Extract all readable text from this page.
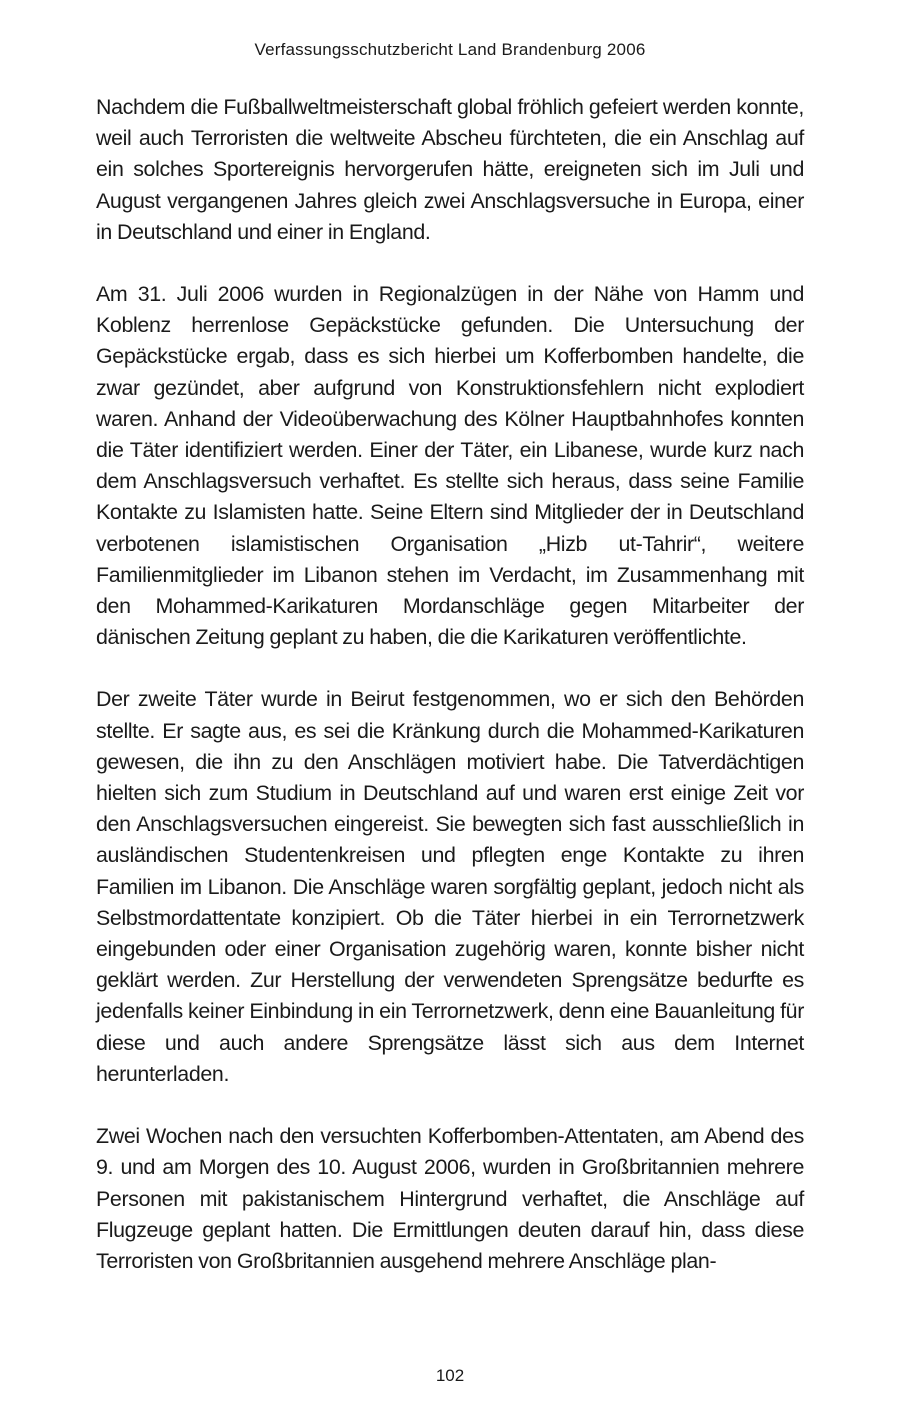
Verfassungsschutzbericht Land Brandenburg 2006

Nachdem die Fußballweltmeisterschaft global fröhlich gefeiert werden konnte, weil auch Terroristen die weltweite Abscheu fürchteten, die ein Anschlag auf ein solches Sportereignis hervorgerufen hätte, ereigneten sich im Juli und August vergangenen Jahres gleich zwei Anschlagsversuche in Europa, einer in Deutschland und einer in England.

Am 31. Juli 2006 wurden in Regionalzügen in der Nähe von Hamm und Koblenz herrenlose Gepäckstücke gefunden. Die Untersuchung der Gepäckstücke ergab, dass es sich hierbei um Kofferbomben handelte, die zwar gezündet, aber aufgrund von Konstruktionsfehlern nicht explodiert waren. Anhand der Videoüberwachung des Kölner Hauptbahnhofes konnten die Täter identifiziert werden. Einer der Täter, ein Libanese, wurde kurz nach dem Anschlagsversuch verhaftet. Es stellte sich heraus, dass seine Familie Kontakte zu Islamisten hatte. Seine Eltern sind Mitglieder der in Deutschland verbotenen islamistischen Organisation „Hizb ut-Tahrir“, weitere Familienmitglieder im Libanon stehen im Verdacht, im Zusammenhang mit den Mohammed-Karikaturen Mordanschläge gegen Mitarbeiter der dänischen Zeitung geplant zu haben, die die Karikaturen veröffentlichte.

Der zweite Täter wurde in Beirut festgenommen, wo er sich den Behörden stellte. Er sagte aus, es sei die Kränkung durch die Mohammed-Karikaturen gewesen, die ihn zu den Anschlägen motiviert habe. Die Tatverdächtigen hielten sich zum Studium in Deutschland auf und waren erst einige Zeit vor den Anschlagsversuchen eingereist. Sie bewegten sich fast ausschließlich in ausländischen Studentenkreisen und pflegten enge Kontakte zu ihren Familien im Libanon. Die Anschläge waren sorgfältig geplant, jedoch nicht als Selbstmordattentate konzipiert. Ob die Täter hierbei in ein Terrornetzwerk eingebunden oder einer Organisation zugehörig waren, konnte bisher nicht geklärt werden. Zur Herstellung der verwendeten Sprengsätze bedurfte es jedenfalls keiner Einbindung in ein Terrornetzwerk, denn eine Bauanleitung für diese und auch andere Sprengsätze lässt sich aus dem Internet herunterladen.

Zwei Wochen nach den versuchten Kofferbomben-Attentaten, am Abend des 9. und am Morgen des 10. August 2006, wurden in Großbritannien mehrere Personen mit pakistanischem Hintergrund verhaftet, die Anschläge auf Flugzeuge geplant hatten. Die Ermittlungen deuten darauf hin, dass diese Terroristen von Großbritannien ausgehend mehrere Anschläge plan-

102
